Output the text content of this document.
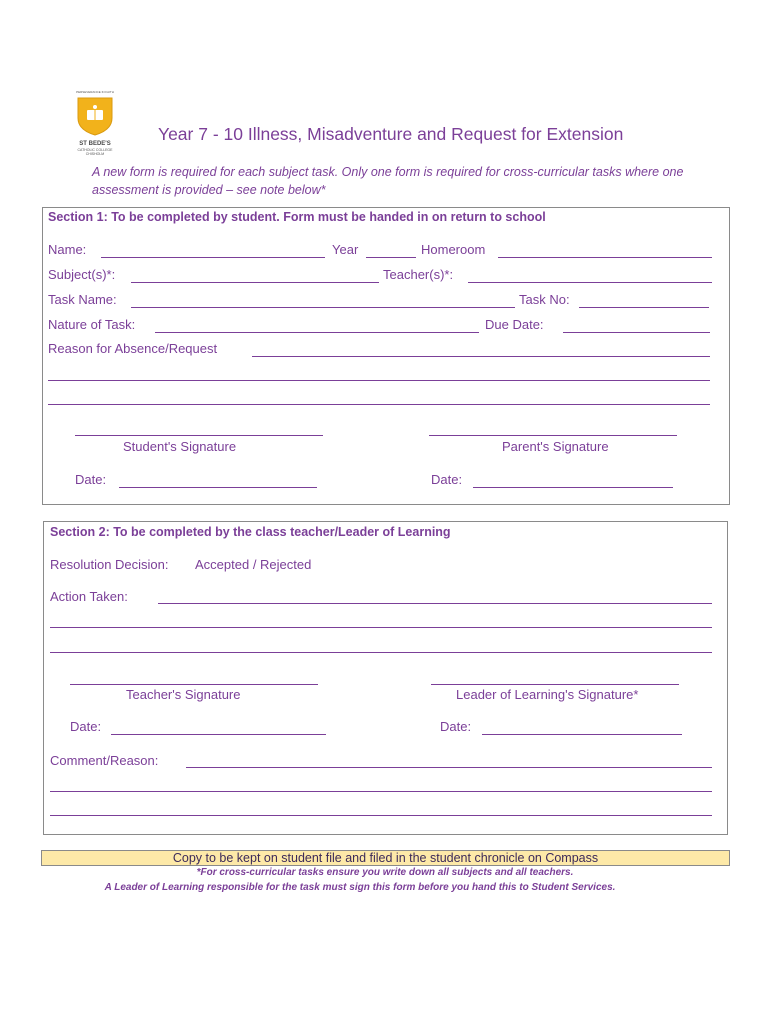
PERSEVERANCE IN FAITH
ST BEDE'S
CATHOLIC COLLEGE
CHISHOLM
Year 7 - 10 Illness, Misadventure and Request for Extension
A new form is required for each subject task. Only one form is required for cross-curricular tasks where one assessment is provided – see note below*
Section 1: To be completed by student. Form must be handed in on return to school
Name:	Year	Homeroom
Subject(s)*:	Teacher(s)*:
Task Name:	Task No:
Nature of Task:	Due Date:
Reason for Absence/Request
Student's Signature	Parent's Signature
Date:	Date:
Section 2: To be completed by the class teacher/Leader of Learning
Resolution Decision: Accepted / Rejected
Action Taken:
Teacher's Signature	Leader of Learning's Signature*
Date:	Date:
Comment/Reason:
Copy to be kept on student file and filed in the student chronicle on Compass
*For cross-curricular tasks ensure you write down all subjects and all teachers.
A Leader of Learning responsible for the task must sign this form before you hand this to Student Services.
